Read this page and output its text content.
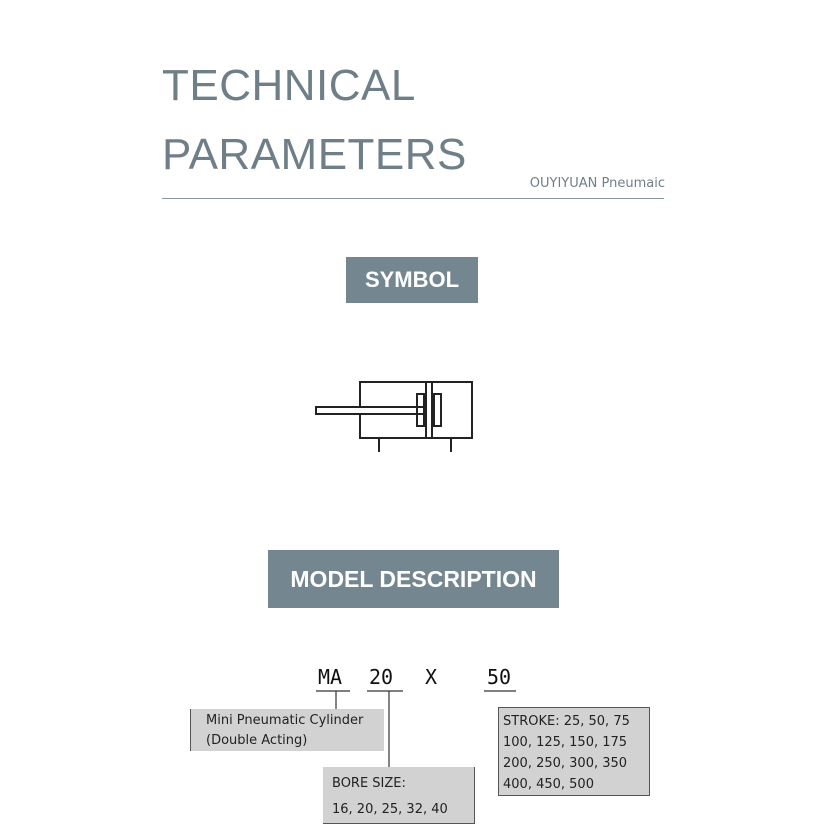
TECHNICAL
PARAMETERS
OUYIYUAN Pneumaic
SYMBOL
MODEL DESCRIPTION
MA 20 X 50
Mini Pneumatic Cylinder
(Double Acting)
BORE SIZE:
16, 20, 25, 32, 40
STROKE: 25, 50, 75
100, 125, 150, 175
200, 250, 300, 350
400, 450, 500
